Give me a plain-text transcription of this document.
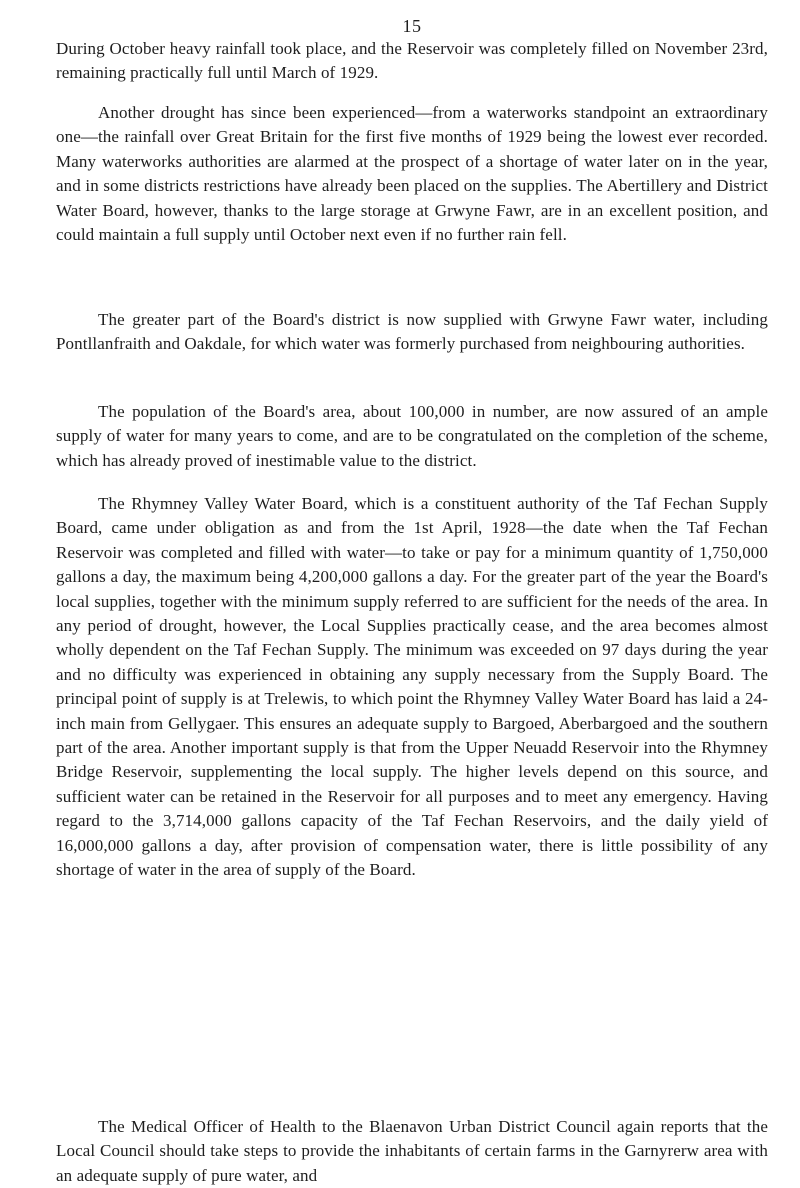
15

During October heavy rainfall took place, and the Reservoir was completely filled on November 23rd, remaining practically full until March of 1929.

Another drought has since been experienced—from a waterworks standpoint an extraordinary one—the rainfall over Great Britain for the first five months of 1929 being the lowest ever recorded. Many waterworks authorities are alarmed at the prospect of a shortage of water later on in the year, and in some districts restrictions have already been placed on the supplies. The Abertillery and District Water Board, however, thanks to the large storage at Grwyne Fawr, are in an excellent position, and could maintain a full supply until October next even if no further rain fell.

The greater part of the Board's district is now supplied with Grwyne Fawr water, including Pontllanfraith and Oakdale, for which water was formerly purchased from neighbouring authorities.

The population of the Board's area, about 100,000 in number, are now assured of an ample supply of water for many years to come, and are to be congratulated on the completion of the scheme, which has already proved of inestimable value to the district.

The Rhymney Valley Water Board, which is a constituent authority of the Taf Fechan Supply Board, came under obligation as and from the 1st April, 1928—the date when the Taf Fechan Reservoir was completed and filled with water—to take or pay for a minimum quantity of 1,750,000 gallons a day, the maximum being 4,200,000 gallons a day. For the greater part of the year the Board's local supplies, together with the minimum supply referred to are sufficient for the needs of the area. In any period of drought, however, the Local Supplies practically cease, and the area becomes almost wholly dependent on the Taf Fechan Supply. The minimum was exceeded on 97 days during the year and no difficulty was experienced in obtaining any supply necessary from the Supply Board. The principal point of supply is at Trelewis, to which point the Rhymney Valley Water Board has laid a 24-inch main from Gellygaer. This ensures an adequate supply to Bargoed, Aberbargoed and the southern part of the area. Another important supply is that from the Upper Neuadd Reservoir into the Rhymney Bridge Reservoir, supplementing the local supply. The higher levels depend on this source, and sufficient water can be retained in the Reservoir for all purposes and to meet any emergency. Having regard to the 3,714,000 gallons capacity of the Taf Fechan Reservoirs, and the daily yield of 16,000,000 gallons a day, after provision of compensation water, there is little possibility of any shortage of water in the area of supply of the Board.

The Medical Officer of Health to the Blaenavon Urban District Council again reports that the Local Council should take steps to provide the inhabitants of certain farms in the Garnyrerw area with an adequate supply of pure water, and
